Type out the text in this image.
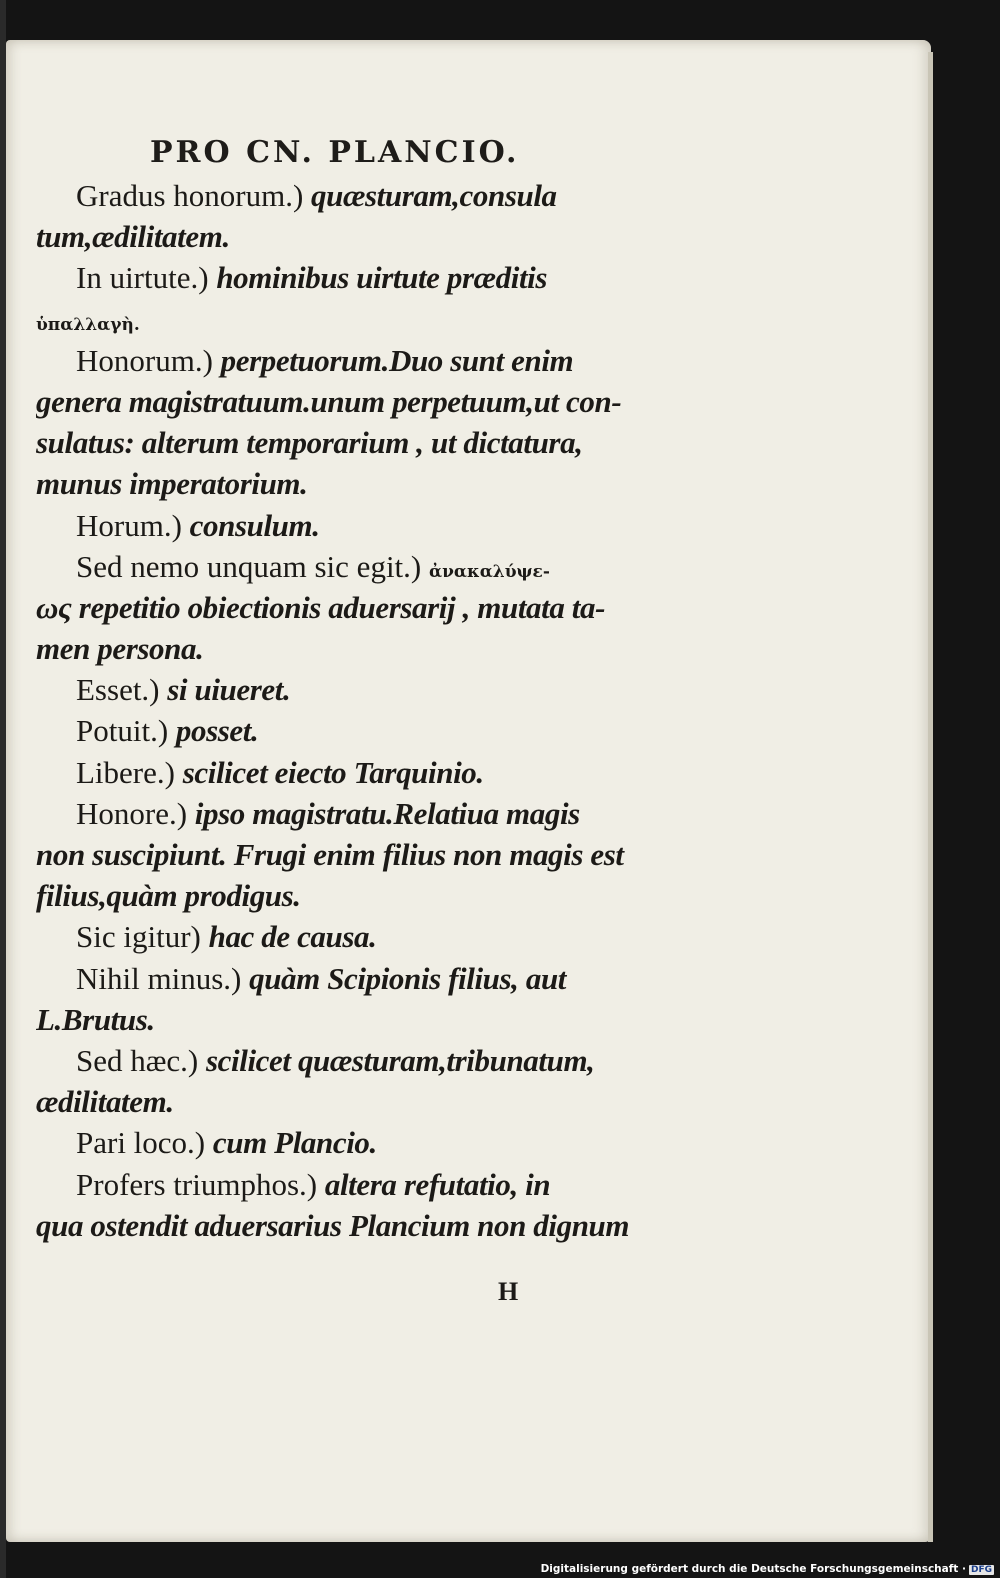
PRO CN. PLANCIO.
Gradus honorum.) quæsturam,consula
tum,ædilitatem.
In uirtute.) hominibus uirtute præditis
ὑπαλλαγὴ.
Honorum.) perpetuorum.Duo sunt enim
genera magistratuum.unum perpetuum,ut con-
sulatus: alterum temporarium , ut dictatura,
munus imperatorium.
Horum.) consulum.
Sed nemo unquam sic egit.) ἀνακαλύψε-
ως repetitio obiectionis aduersarij , mutata ta-
men persona.
Esset.) si uiueret.
Potuit.) posset.
Libere.) scilicet eiecto Tarquinio.
Honore.) ipso magistratu.Relatiua magis
non suscipiunt. Frugi enim filius non magis est
filius,quàm prodigus.
Sic igitur) hac de causa.
Nihil minus.) quàm Scipionis filius, aut
L.Brutus.
Sed hæc.) scilicet quæsturam,tribunatum,
ædilitatem.
Pari loco.) cum Plancio.
Profers triumphos.) altera refutatio, in
qua ostendit aduersarius Plancium non dignum
H
Digitalisierung gefördert durch die Deutsche Forschungsgemeinschaft · DFG
